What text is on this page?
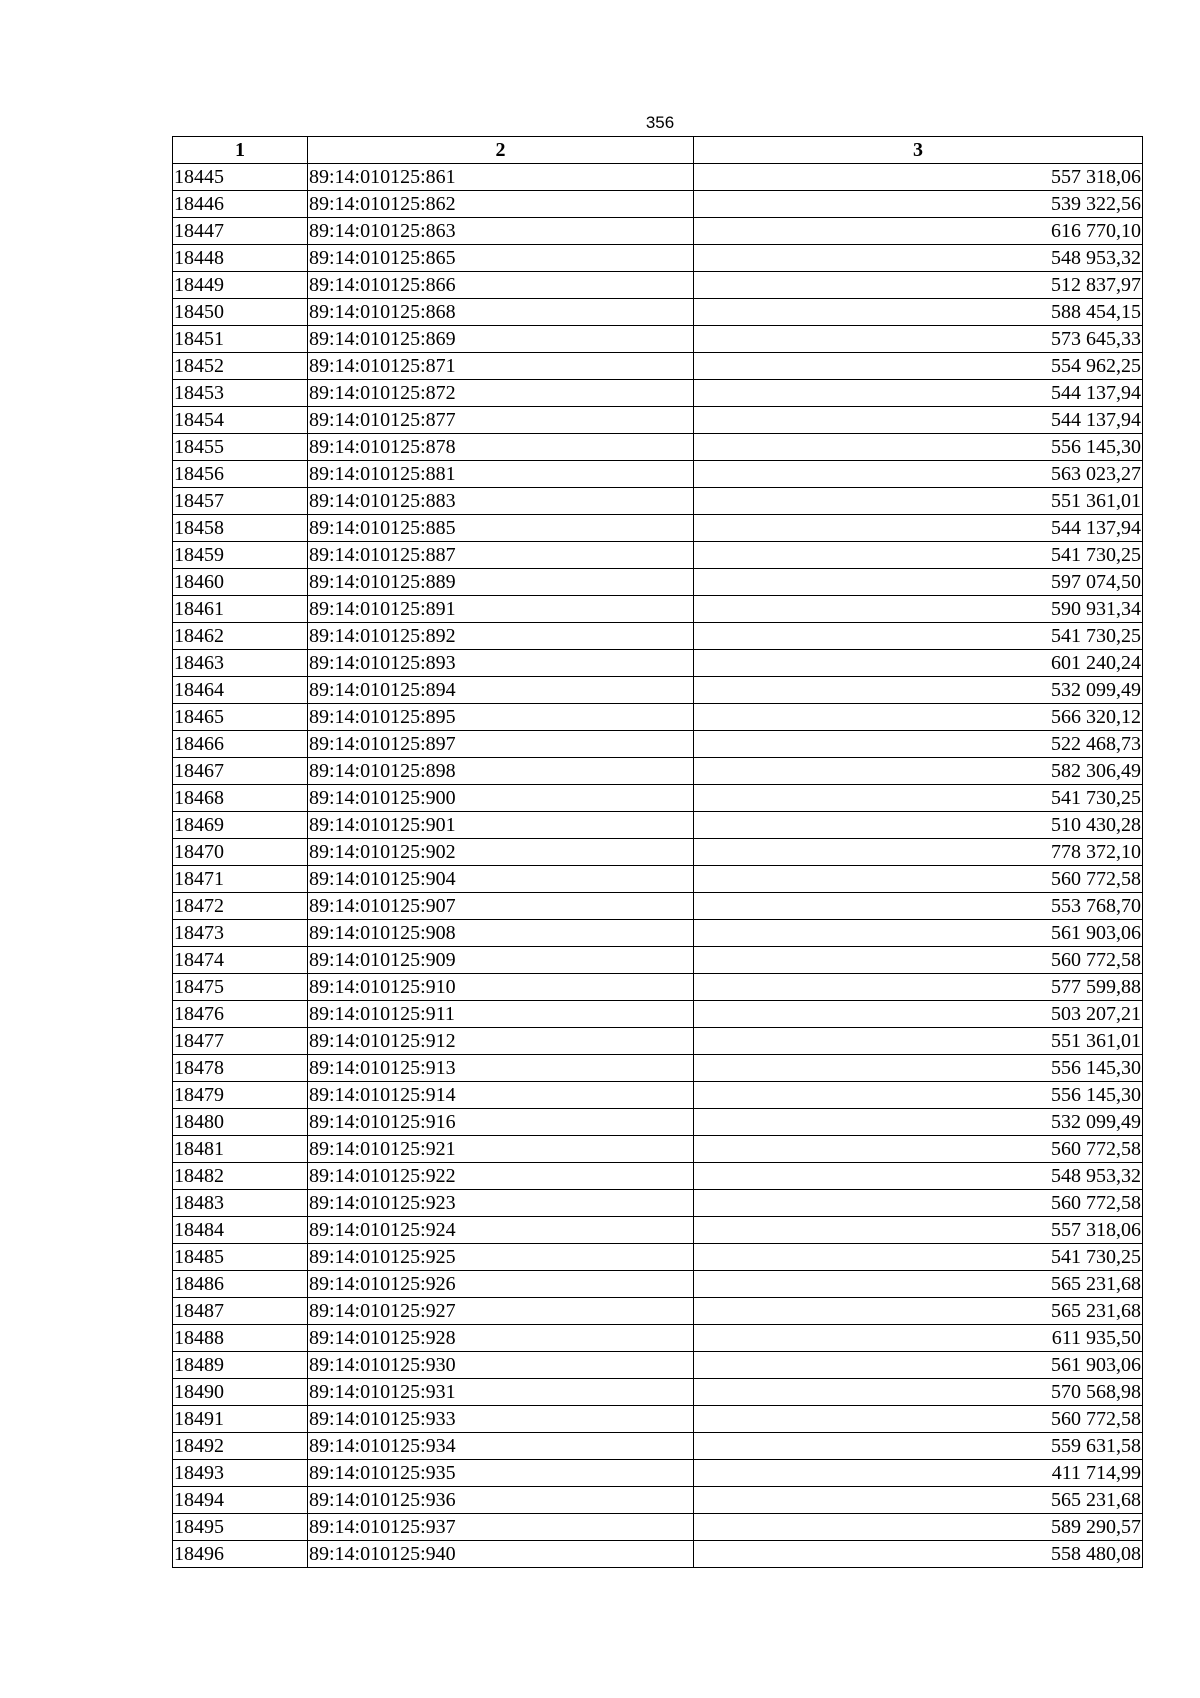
356
1	2	3
18445	89:14:010125:861	557 318,06
18446	89:14:010125:862	539 322,56
18447	89:14:010125:863	616 770,10
18448	89:14:010125:865	548 953,32
18449	89:14:010125:866	512 837,97
18450	89:14:010125:868	588 454,15
18451	89:14:010125:869	573 645,33
18452	89:14:010125:871	554 962,25
18453	89:14:010125:872	544 137,94
18454	89:14:010125:877	544 137,94
18455	89:14:010125:878	556 145,30
18456	89:14:010125:881	563 023,27
18457	89:14:010125:883	551 361,01
18458	89:14:010125:885	544 137,94
18459	89:14:010125:887	541 730,25
18460	89:14:010125:889	597 074,50
18461	89:14:010125:891	590 931,34
18462	89:14:010125:892	541 730,25
18463	89:14:010125:893	601 240,24
18464	89:14:010125:894	532 099,49
18465	89:14:010125:895	566 320,12
18466	89:14:010125:897	522 468,73
18467	89:14:010125:898	582 306,49
18468	89:14:010125:900	541 730,25
18469	89:14:010125:901	510 430,28
18470	89:14:010125:902	778 372,10
18471	89:14:010125:904	560 772,58
18472	89:14:010125:907	553 768,70
18473	89:14:010125:908	561 903,06
18474	89:14:010125:909	560 772,58
18475	89:14:010125:910	577 599,88
18476	89:14:010125:911	503 207,21
18477	89:14:010125:912	551 361,01
18478	89:14:010125:913	556 145,30
18479	89:14:010125:914	556 145,30
18480	89:14:010125:916	532 099,49
18481	89:14:010125:921	560 772,58
18482	89:14:010125:922	548 953,32
18483	89:14:010125:923	560 772,58
18484	89:14:010125:924	557 318,06
18485	89:14:010125:925	541 730,25
18486	89:14:010125:926	565 231,68
18487	89:14:010125:927	565 231,68
18488	89:14:010125:928	611 935,50
18489	89:14:010125:930	561 903,06
18490	89:14:010125:931	570 568,98
18491	89:14:010125:933	560 772,58
18492	89:14:010125:934	559 631,58
18493	89:14:010125:935	411 714,99
18494	89:14:010125:936	565 231,68
18495	89:14:010125:937	589 290,57
18496	89:14:010125:940	558 480,08
